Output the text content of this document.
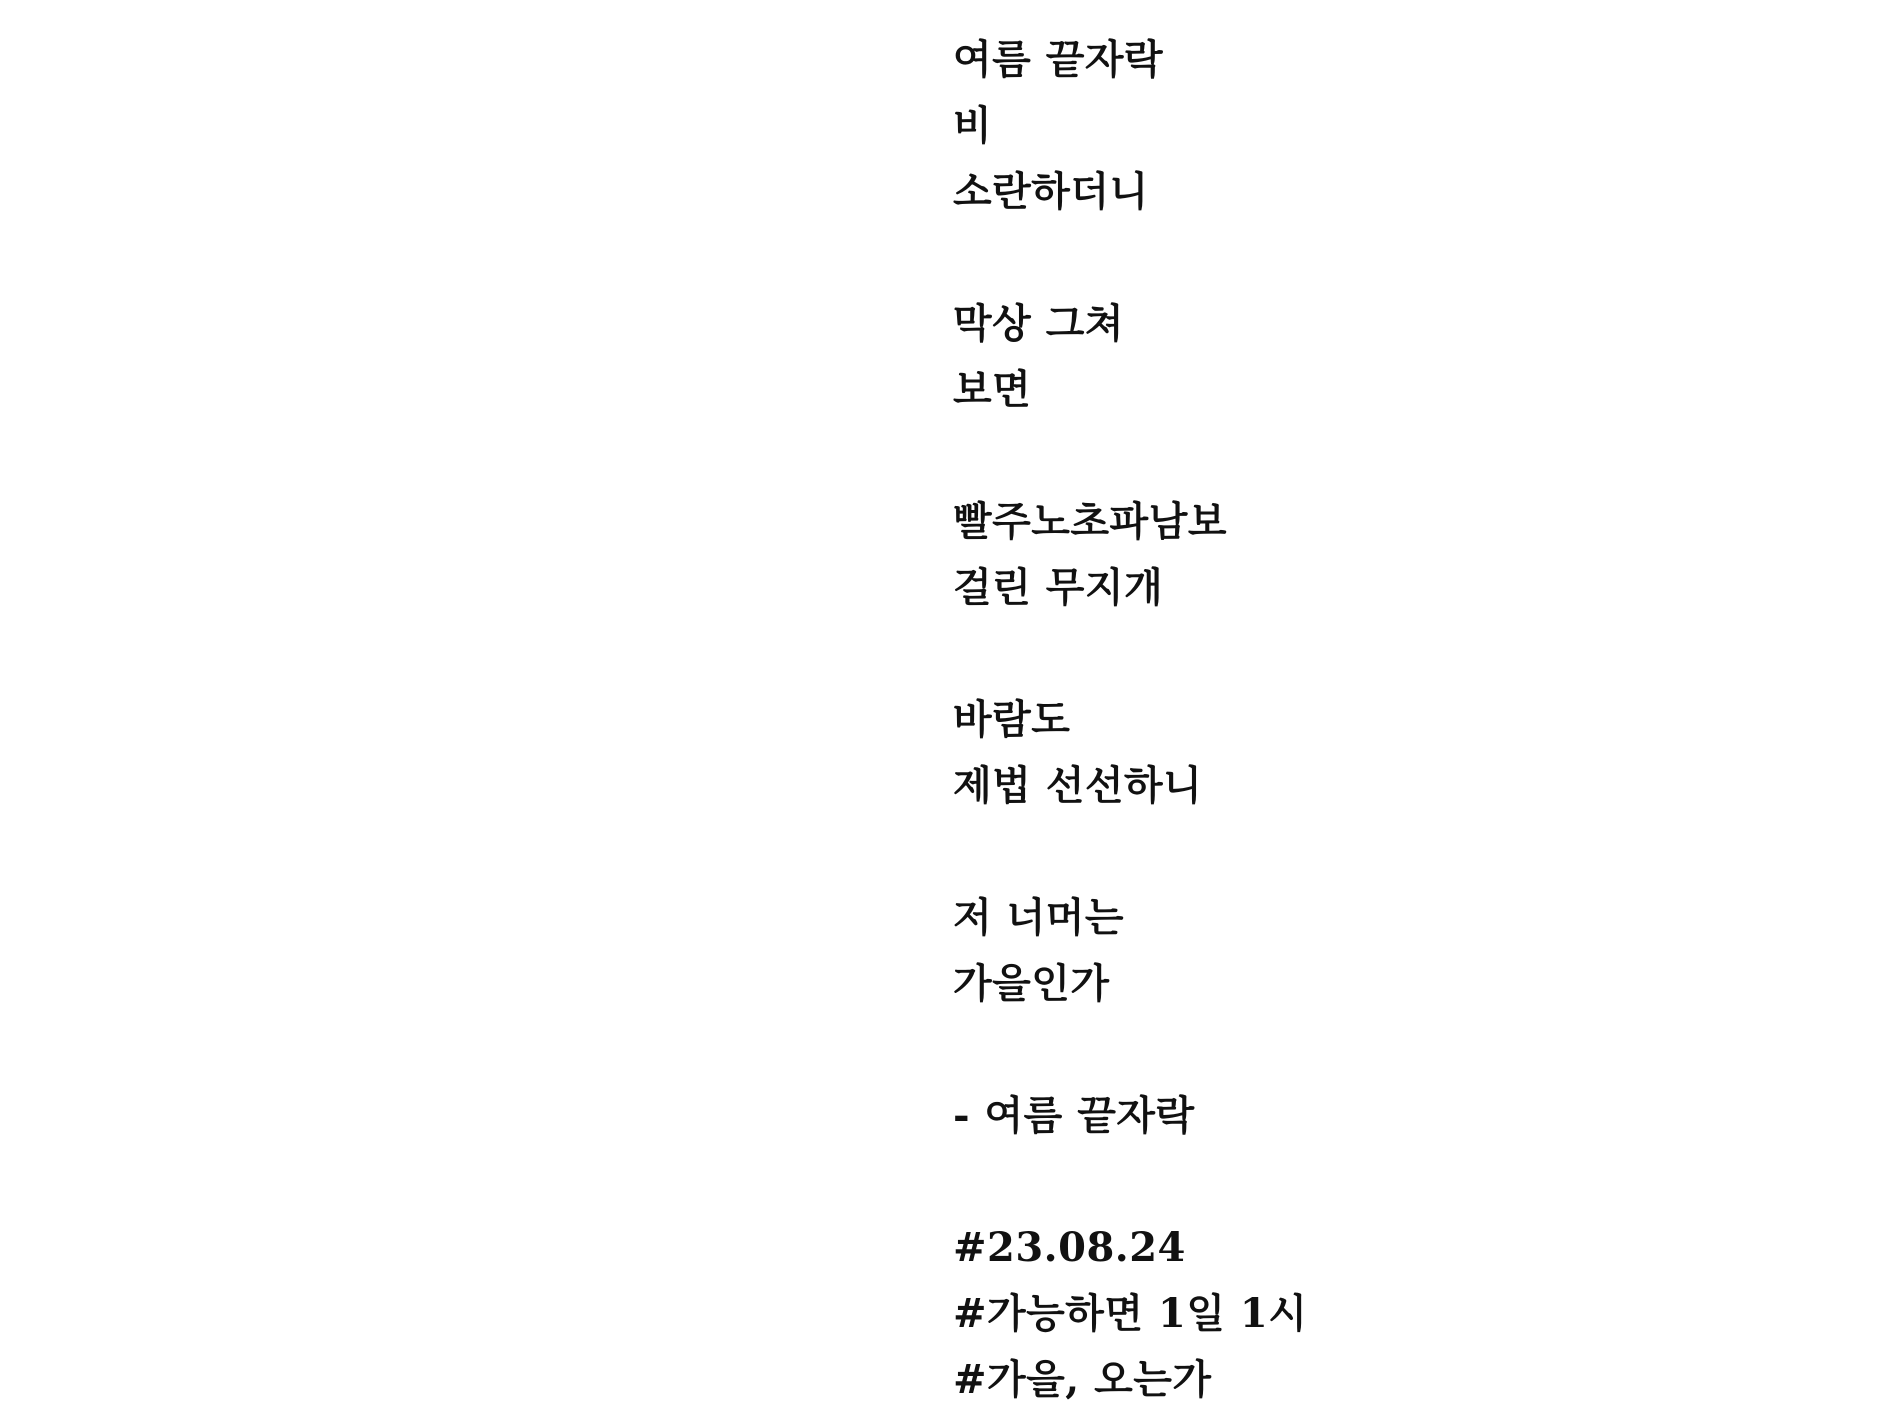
여름 끝자락
비
소란하더니
막상 그쳐
보면
빨주노초파남보
걸린 무지개
바람도
제법 선선하니
저 너머는
가을인가
- 여름 끝자락
#23.08.24
#가능하면 1일 1시
#가을, 오는가
